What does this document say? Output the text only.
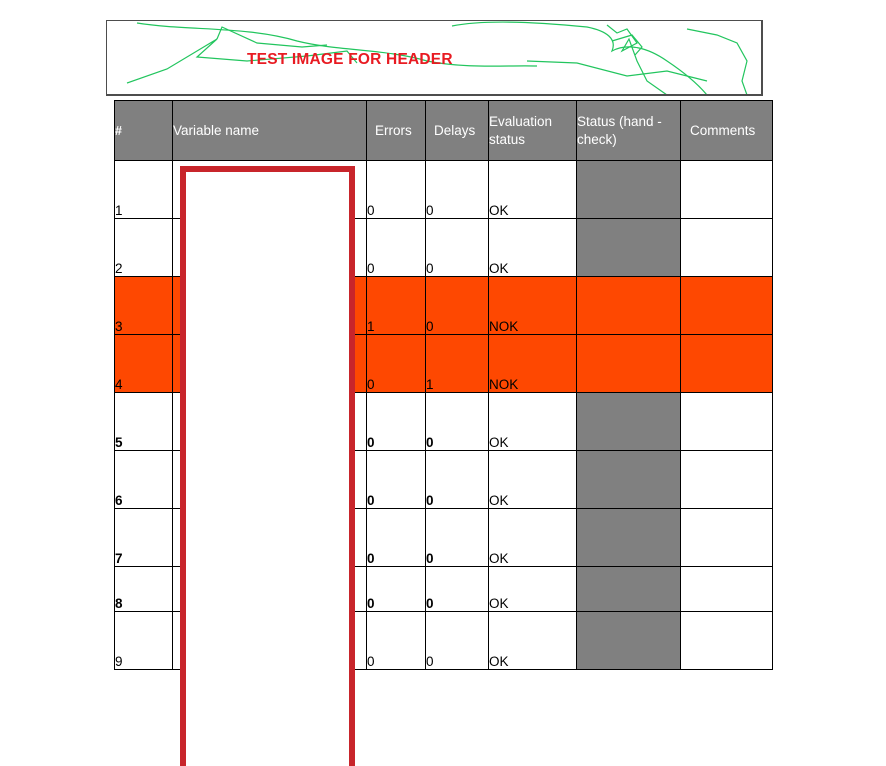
TEST IMAGE FOR HEADER
#	Variable name	Errors	Delays	Evaluation status	Status (hand -check)	Comments
1		0	0	OK		
2		0	0	OK		
3		1	0	NOK		
4		0	1	NOK		
5		0	0	OK		
6		0	0	OK		
7		0	0	OK		
8		0	0	OK		
9		0	0	OK		
